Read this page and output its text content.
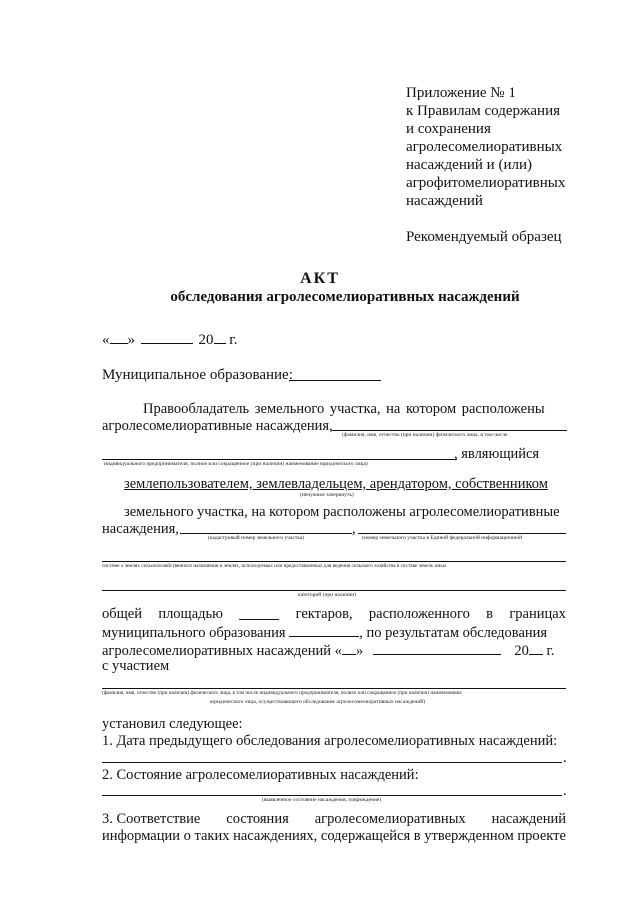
Приложение № 1
к Правилам содержания
и сохранения
агролесомелиоративных
насаждений и (или)
агрофитомелиоративных
насаждений
Рекомендуемый образец
АКТ
обследования агролесомелиоративных насаждений
« »	20 г.
Муниципальное образование:
Правообладатель земельного участка, на котором расположены
агролесомелиоративные насаждения,
(фамилия, имя, отчество (при наличии) физического лица, в том числе
, являющийся
индивидуального предпринимателя; полное или сокращенное (при наличии) наименование юридического лица)
землепользователем, землевладельцем, арендатором, собственником
(ненужное зачеркнуть)
земельного участка, на котором расположены агролесомелиоративные
насаждения,	,
(кадастровый номер земельного участка)	(номер земельного участка в Единой федеральной информационной
системе о землях сельскохозяйственного назначения и землях, используемых или предоставленных для ведения сельского хозяйства в составе земель иных
категорий (при наличии)
общей площадью	гектаров, расположенного в границах
муниципального образования	, по результатам обследования
агролесомелиоративных насаждений « »	20 г.
с участием
(фамилия, имя, отчество (при наличии) физического лица, в том числе индивидуального предпринимателя, полное или сокращенное (при наличии) наименование
юридического лица, осуществляющего обследование агролесомелиоративных насаждений)
установил следующее:
1. Дата предыдущего обследования агролесомелиоративных насаждений:
.
2. Состояние агролесомелиоративных насаждений:
.
(выявленное состояние насаждения, повреждение)
3. Соответствие состояния агролесомелиоративных насаждений
информации о таких насаждениях, содержащейся в утвержденном проекте
